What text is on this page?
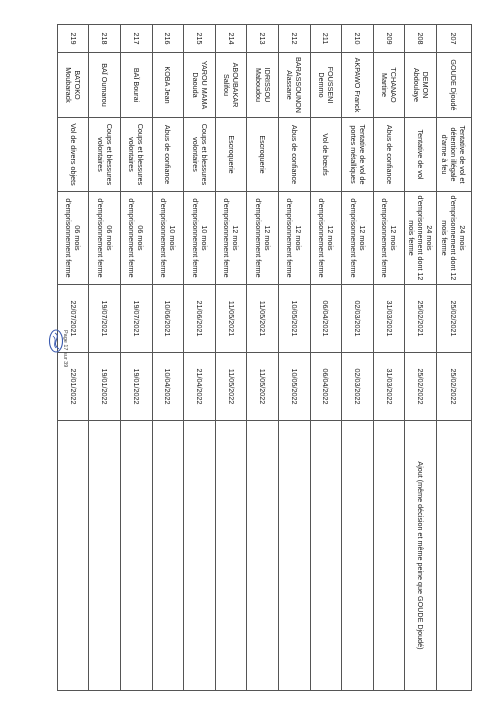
207	GOUDE Djoudé	Tentative de vol et détention illégale d'arme à feu	24 mois d'emprisonnement dont 12 mois ferme	25/02/2021	25/02/2022	
208	DEMON Abdoulaye	Tentative de vol	24 mois d'emprisonnement dont 12 mois ferme	25/02/2021	25/02/2022	Ajout (même décision et même peine que GOUDE Djoudé)
209	TCHANAO Martine	Abus de confiance	12 mois d'emprisonnement ferme	31/03/2021	31/03/2022	
210	AKPAWO Franck	Tentative de vol de portes métalliques	12 mois d'emprisonnement ferme	02/03/2021	02/03/2022	
211	FOUSSENI Demmo	Vol de bœufs	12 mois d'emprisonnement ferme	06/04/2021	06/04/2022	
212	BARASSOUNON Alassane	Abus de confiance	12 mois d'emprisonnement ferme	10/05/2021	10/05/2022	
213	IDRISSOU Maboudou	Escroquerie	12 mois d'emprisonnement ferme	11/05/2021	11/05/2022	
214	ABOUBAKAR Salifou	Escroquerie	12 mois d'emprisonnement ferme	11/05/2021	11/05/2022	
215	YAROU MAMA Daouda	Coups et blessures volontaires	10 mois d'emprisonnement ferme	21/06/2021	21/04/2022	
216	KOBA Jean	Abus de confiance	10 mois d'emprisonnement ferme	10/06/2021	10/04/2022	
217	BAÏ Bourai	Coups et blessures volontaires	06 mois d'emprisonnement ferme	19/07/2021	19/01/2022	
218	BAÏ Oumarou	Coups et blessures volontaires	06 mois d'emprisonnement ferme	19/07/2021	19/01/2022	
219	BATOKO Moubarack	Vol de divers objets	06 mois d'emprisonnement ferme	22/07/2021	22/01/2022	
Page 17 sur 39
